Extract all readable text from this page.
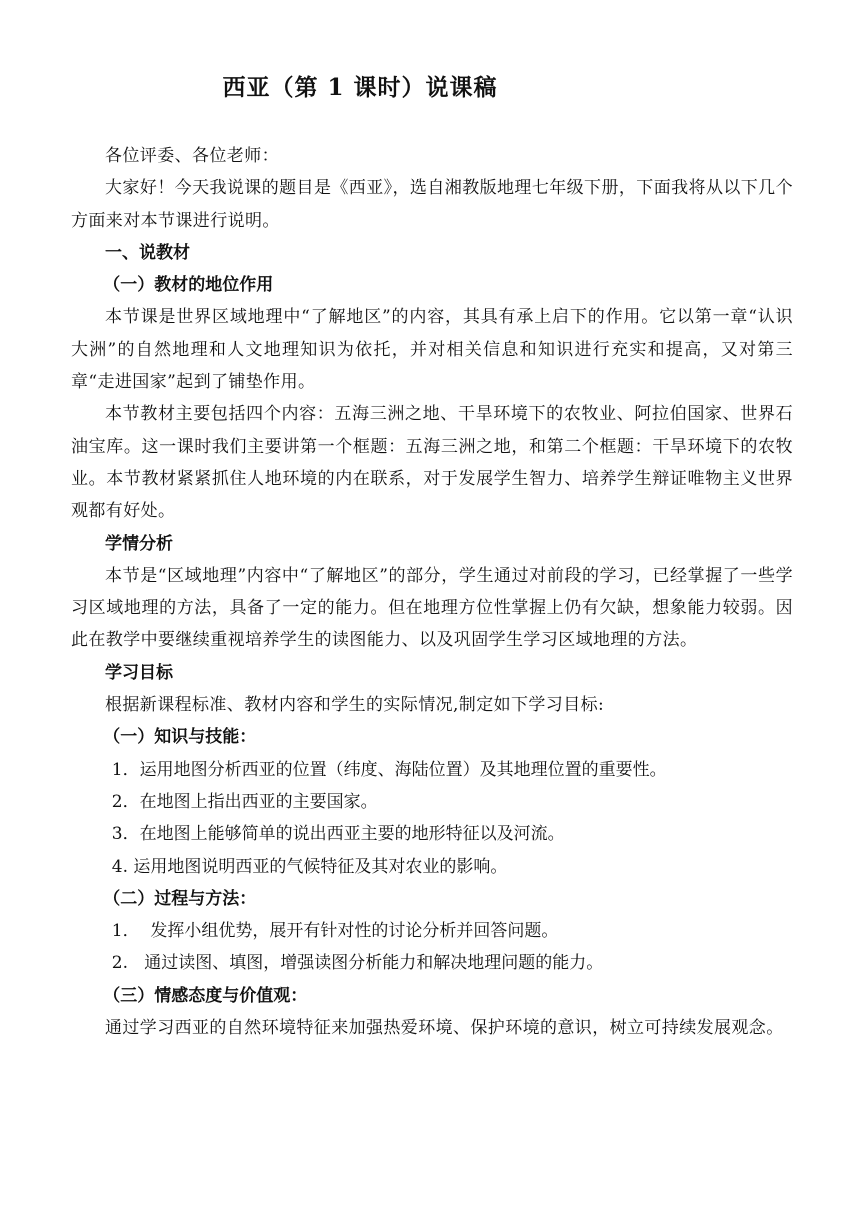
西亚（第 1 课时）说课稿

各位评委、各位老师：

大家好！今天我说课的题目是《西亚》，选自湘教版地理七年级下册，下面我将从以下几个方面来对本节课进行说明。

一、说教材

（一）教材的地位作用

本节课是世界区域地理中“了解地区”的内容，其具有承上启下的作用。它以第一章“认识大洲”的自然地理和人文地理知识为依托，并对相关信息和知识进行充实和提高，又对第三章“走进国家”起到了铺垫作用。

本节教材主要包括四个内容：五海三洲之地、干旱环境下的农牧业、阿拉伯国家、世界石油宝库。这一课时我们主要讲第一个框题：五海三洲之地，和第二个框题：干旱环境下的农牧业。本节教材紧紧抓住人地环境的内在联系，对于发展学生智力、培养学生辩证唯物主义世界观都有好处。

学情分析

本节是“区域地理”内容中“了解地区”的部分，学生通过对前段的学习，已经掌握了一些学习区域地理的方法，具备了一定的能力。但在地理方位性掌握上仍有欠缺，想象能力较弱。因此在教学中要继续重视培养学生的读图能力、以及巩固学生学习区域地理的方法。

学习目标

根据新课程标准、教材内容和学生的实际情况,制定如下学习目标:

（一）知识与技能：

1．运用地图分析西亚的位置（纬度、海陆位置）及其地理位置的重要性。

2．在地图上指出西亚的主要国家。

3．在地图上能够简单的说出西亚主要的地形特征以及河流。

4. 运用地图说明西亚的气候特征及其对农业的影响。

（二）过程与方法：

1．  发挥小组优势，展开有针对性的讨论分析并回答问题。

2.   通过读图、填图，增强读图分析能力和解决地理问题的能力。

（三）情感态度与价值观：

通过学习西亚的自然环境特征来加强热爱环境、保护环境的意识，树立可持续发展观念。
